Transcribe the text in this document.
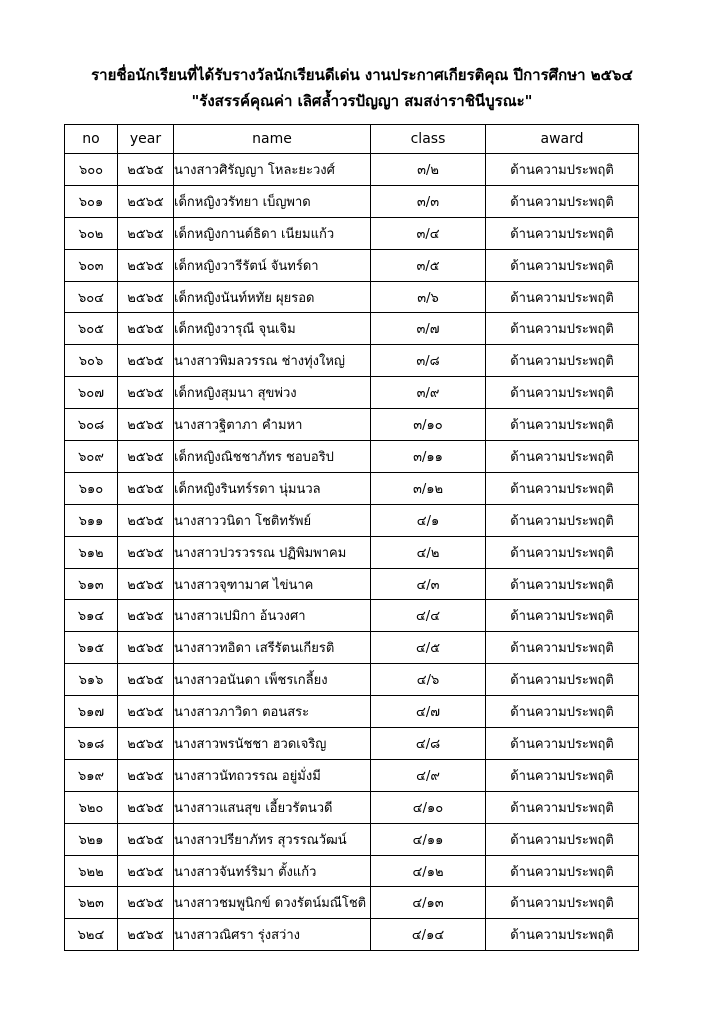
รายชื่อนักเรียนที่ได้รับรางวัลนักเรียนดีเด่น งานประกาศเกียรติคุณ ปีการศึกษา ๒๕๖๔
"รังสรรค์คุณค่า เลิศล้ำวรปัญญา สมสง่าราชินีบูรณะ"
no	year	name	class	award
๖๐๐	๒๕๖๕	นางสาวศิรัญญา โหละยะวงศ์	๓/๒	ด้านความประพฤติ
๖๐๑	๒๕๖๕	เด็กหญิงวรัทยา เบ็ญพาด	๓/๓	ด้านความประพฤติ
๖๐๒	๒๕๖๕	เด็กหญิงกานต์ธิดา เนียมแก้ว	๓/๔	ด้านความประพฤติ
๖๐๓	๒๕๖๕	เด็กหญิงวารีรัตน์ จันทร์ดา	๓/๕	ด้านความประพฤติ
๖๐๔	๒๕๖๕	เด็กหญิงนันท์หทัย ผุยรอด	๓/๖	ด้านความประพฤติ
๖๐๕	๒๕๖๕	เด็กหญิงวารุณี จุนเจิม	๓/๗	ด้านความประพฤติ
๖๐๖	๒๕๖๕	นางสาวพิมลวรรณ ช่างทุ่งใหญ่	๓/๘	ด้านความประพฤติ
๖๐๗	๒๕๖๕	เด็กหญิงสุมนา สุขพ่วง	๓/๙	ด้านความประพฤติ
๖๐๘	๒๕๖๕	นางสาวฐิตาภา คำมหา	๓/๑๐	ด้านความประพฤติ
๖๐๙	๒๕๖๕	เด็กหญิงณิชชาภัทร ชอบอริป	๓/๑๑	ด้านความประพฤติ
๖๑๐	๒๕๖๕	เด็กหญิงรินทร์รดา นุ่มนวล	๓/๑๒	ด้านความประพฤติ
๖๑๑	๒๕๖๕	นางสาววนิดา โชติทรัพย์	๔/๑	ด้านความประพฤติ
๖๑๒	๒๕๖๕	นางสาวปวรวรรณ ปฏิพิมพาคม	๔/๒	ด้านความประพฤติ
๖๑๓	๒๕๖๕	นางสาวจุฑามาศ ไข่นาค	๔/๓	ด้านความประพฤติ
๖๑๔	๒๕๖๕	นางสาวเปมิกา อ้นวงศา	๔/๔	ด้านความประพฤติ
๖๑๕	๒๕๖๕	นางสาวทอิดา เสรีรัตนเกียรติ	๔/๕	ด้านความประพฤติ
๖๑๖	๒๕๖๕	นางสาวอนันดา เพ็ชรเกลี้ยง	๔/๖	ด้านความประพฤติ
๖๑๗	๒๕๖๕	นางสาวภาวิดา ตอนสระ	๔/๗	ด้านความประพฤติ
๖๑๘	๒๕๖๕	นางสาวพรนัชชา ฮวดเจริญ	๔/๘	ด้านความประพฤติ
๖๑๙	๒๕๖๕	นางสาวนัทถวรรณ อยู่มั่งมี	๔/๙	ด้านความประพฤติ
๖๒๐	๒๕๖๕	นางสาวแสนสุข เอี้ยวรัตนวดี	๔/๑๐	ด้านความประพฤติ
๖๒๑	๒๕๖๕	นางสาวปรียาภัทร สุวรรณวัฒน์	๔/๑๑	ด้านความประพฤติ
๖๒๒	๒๕๖๕	นางสาวจันทร์ริมา ตั้งแก้ว	๔/๑๒	ด้านความประพฤติ
๖๒๓	๒๕๖๕	นางสาวชมพูนิกข์ ดวงรัตน์มณีโชติ	๔/๑๓	ด้านความประพฤติ
๖๒๔	๒๕๖๕	นางสาวณิศรา รุ่งสว่าง	๔/๑๔	ด้านความประพฤติ
